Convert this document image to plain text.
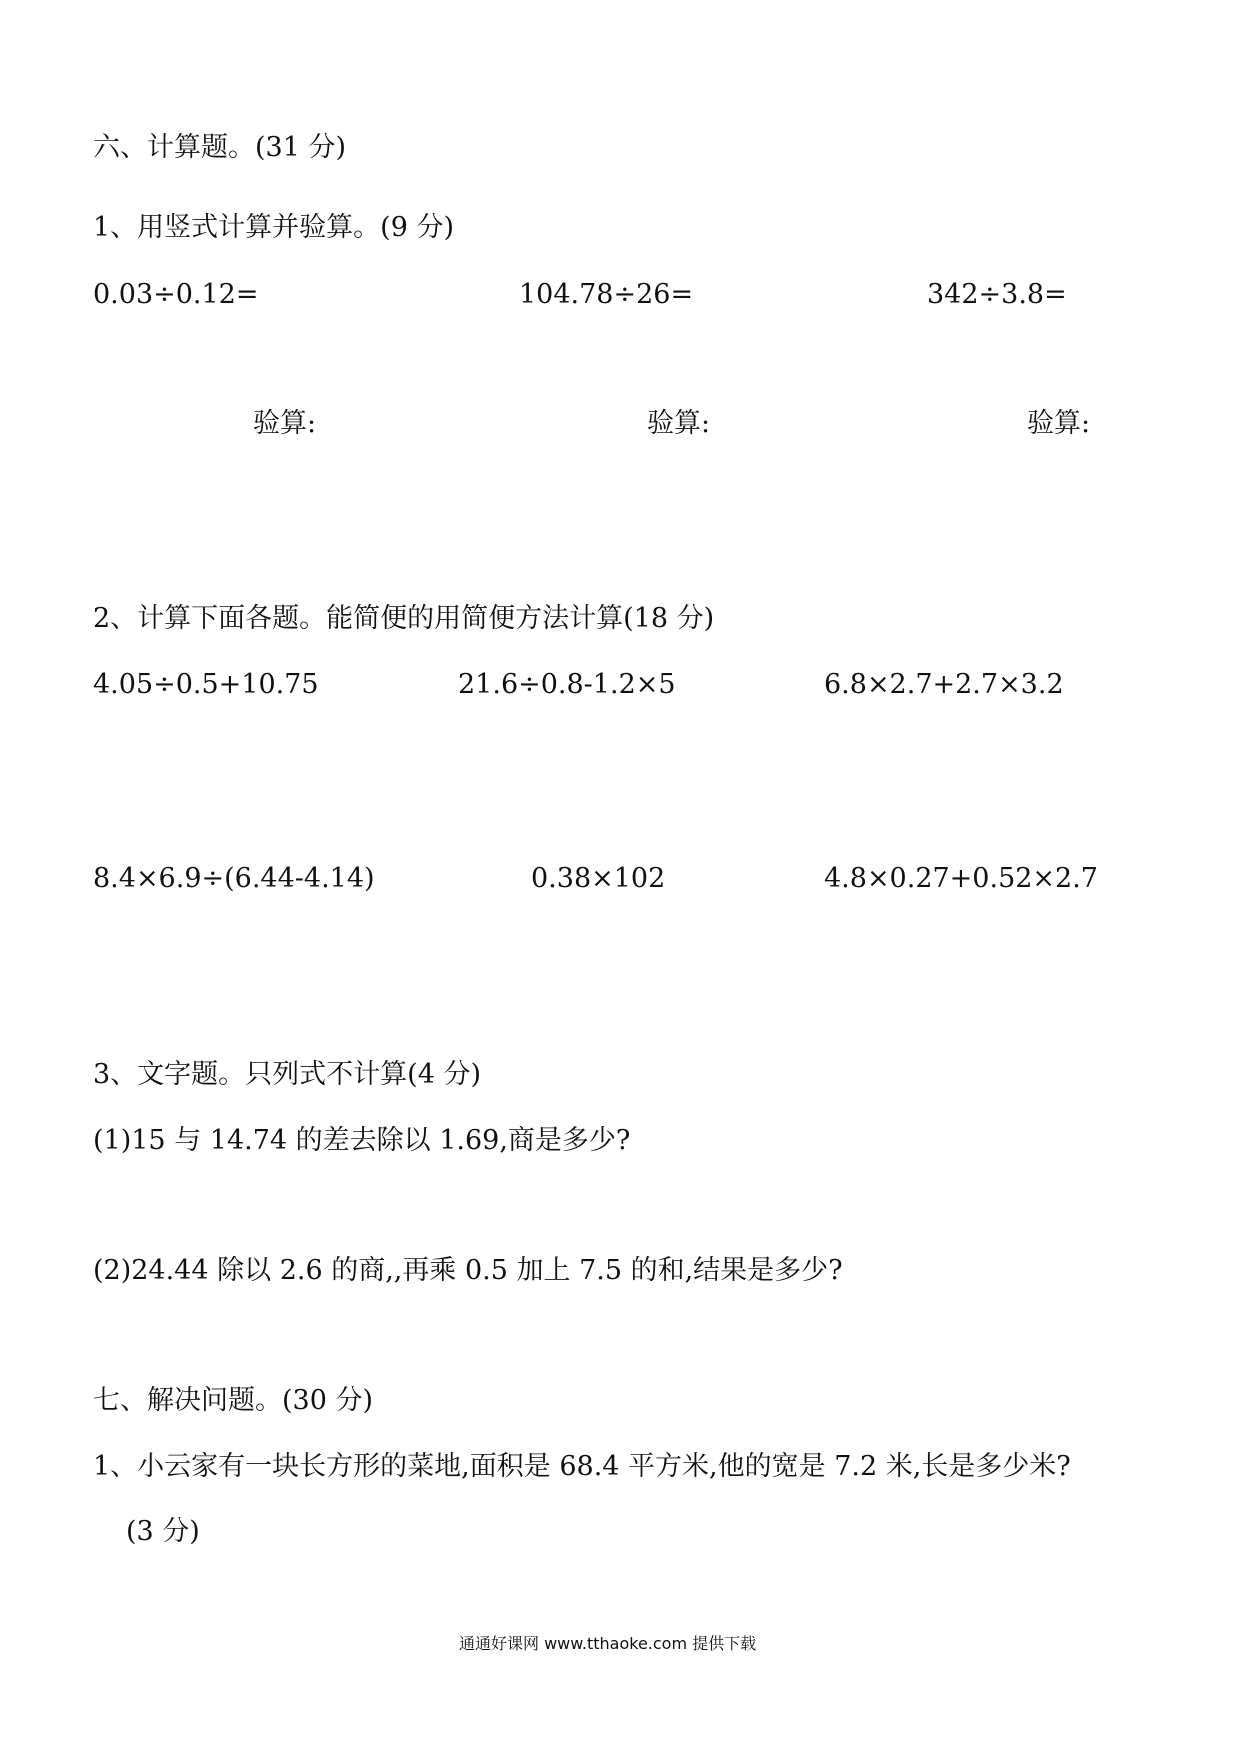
六、计算题。(31 分)
1、用竖式计算并验算。(9 分)
0.03÷0.12=	104.78÷26=	342÷3.8=
验算:	验算:	验算:
2、计算下面各题。能简便的用简便方法计算(18 分)
4.05÷0.5+10.75	21.6÷0.8-1.2×5	6.8×2.7+2.7×3.2
8.4×6.9÷(6.44-4.14)	0.38×102	4.8×0.27+0.52×2.7
3、文字题。只列式不计算(4 分)
(1)15 与 14.74 的差去除以 1.69,商是多少?
(2)24.44 除以 2.6 的商,,再乘 0.5 加上 7.5 的和,结果是多少?
七、解决问题。(30 分)
1、小云家有一块长方形的菜地,面积是 68.4 平方米,他的宽是 7.2 米,长是多少米?
(3 分)
通通好课网 www.tthaoke.com 提供下载
